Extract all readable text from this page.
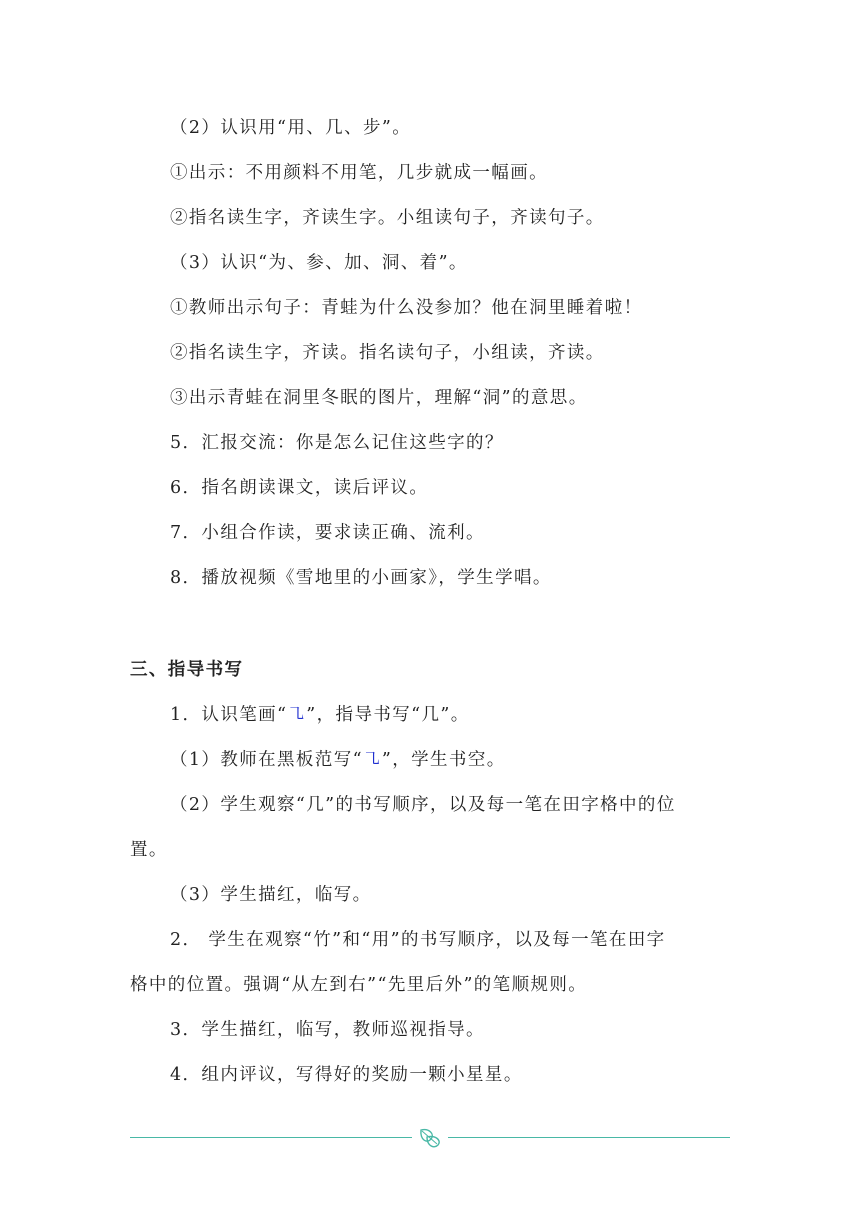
（2）认识用“用、几、步”。
①出示：不用颜料不用笔，几步就成一幅画。
②指名读生字，齐读生字。小组读句子，齐读句子。
（3）认识“为、参、加、洞、着”。
①教师出示句子：青蛙为什么没参加？他在洞里睡着啦！
②指名读生字，齐读。指名读句子，小组读，齐读。
③出示青蛙在洞里冬眠的图片，理解“洞”的意思。
5．汇报交流：你是怎么记住这些字的？
6．指名朗读课文，读后评议。
7．小组合作读，要求读正确、流利。
8．播放视频《雪地里的小画家》，学生学唱。
三、指导书写
1．认识笔画“㇈”，指导书写“几”。
（1）教师在黑板范写“㇈”，学生书空。
（2）学生观察“几”的书写顺序，以及每一笔在田字格中的位
置。
（3）学生描红，临写。
2． 学生在观察“竹”和“用”的书写顺序，以及每一笔在田字
格中的位置。强调“从左到右”“先里后外”的笔顺规则。
3．学生描红，临写，教师巡视指导。
4．组内评议，写得好的奖励一颗小星星。
